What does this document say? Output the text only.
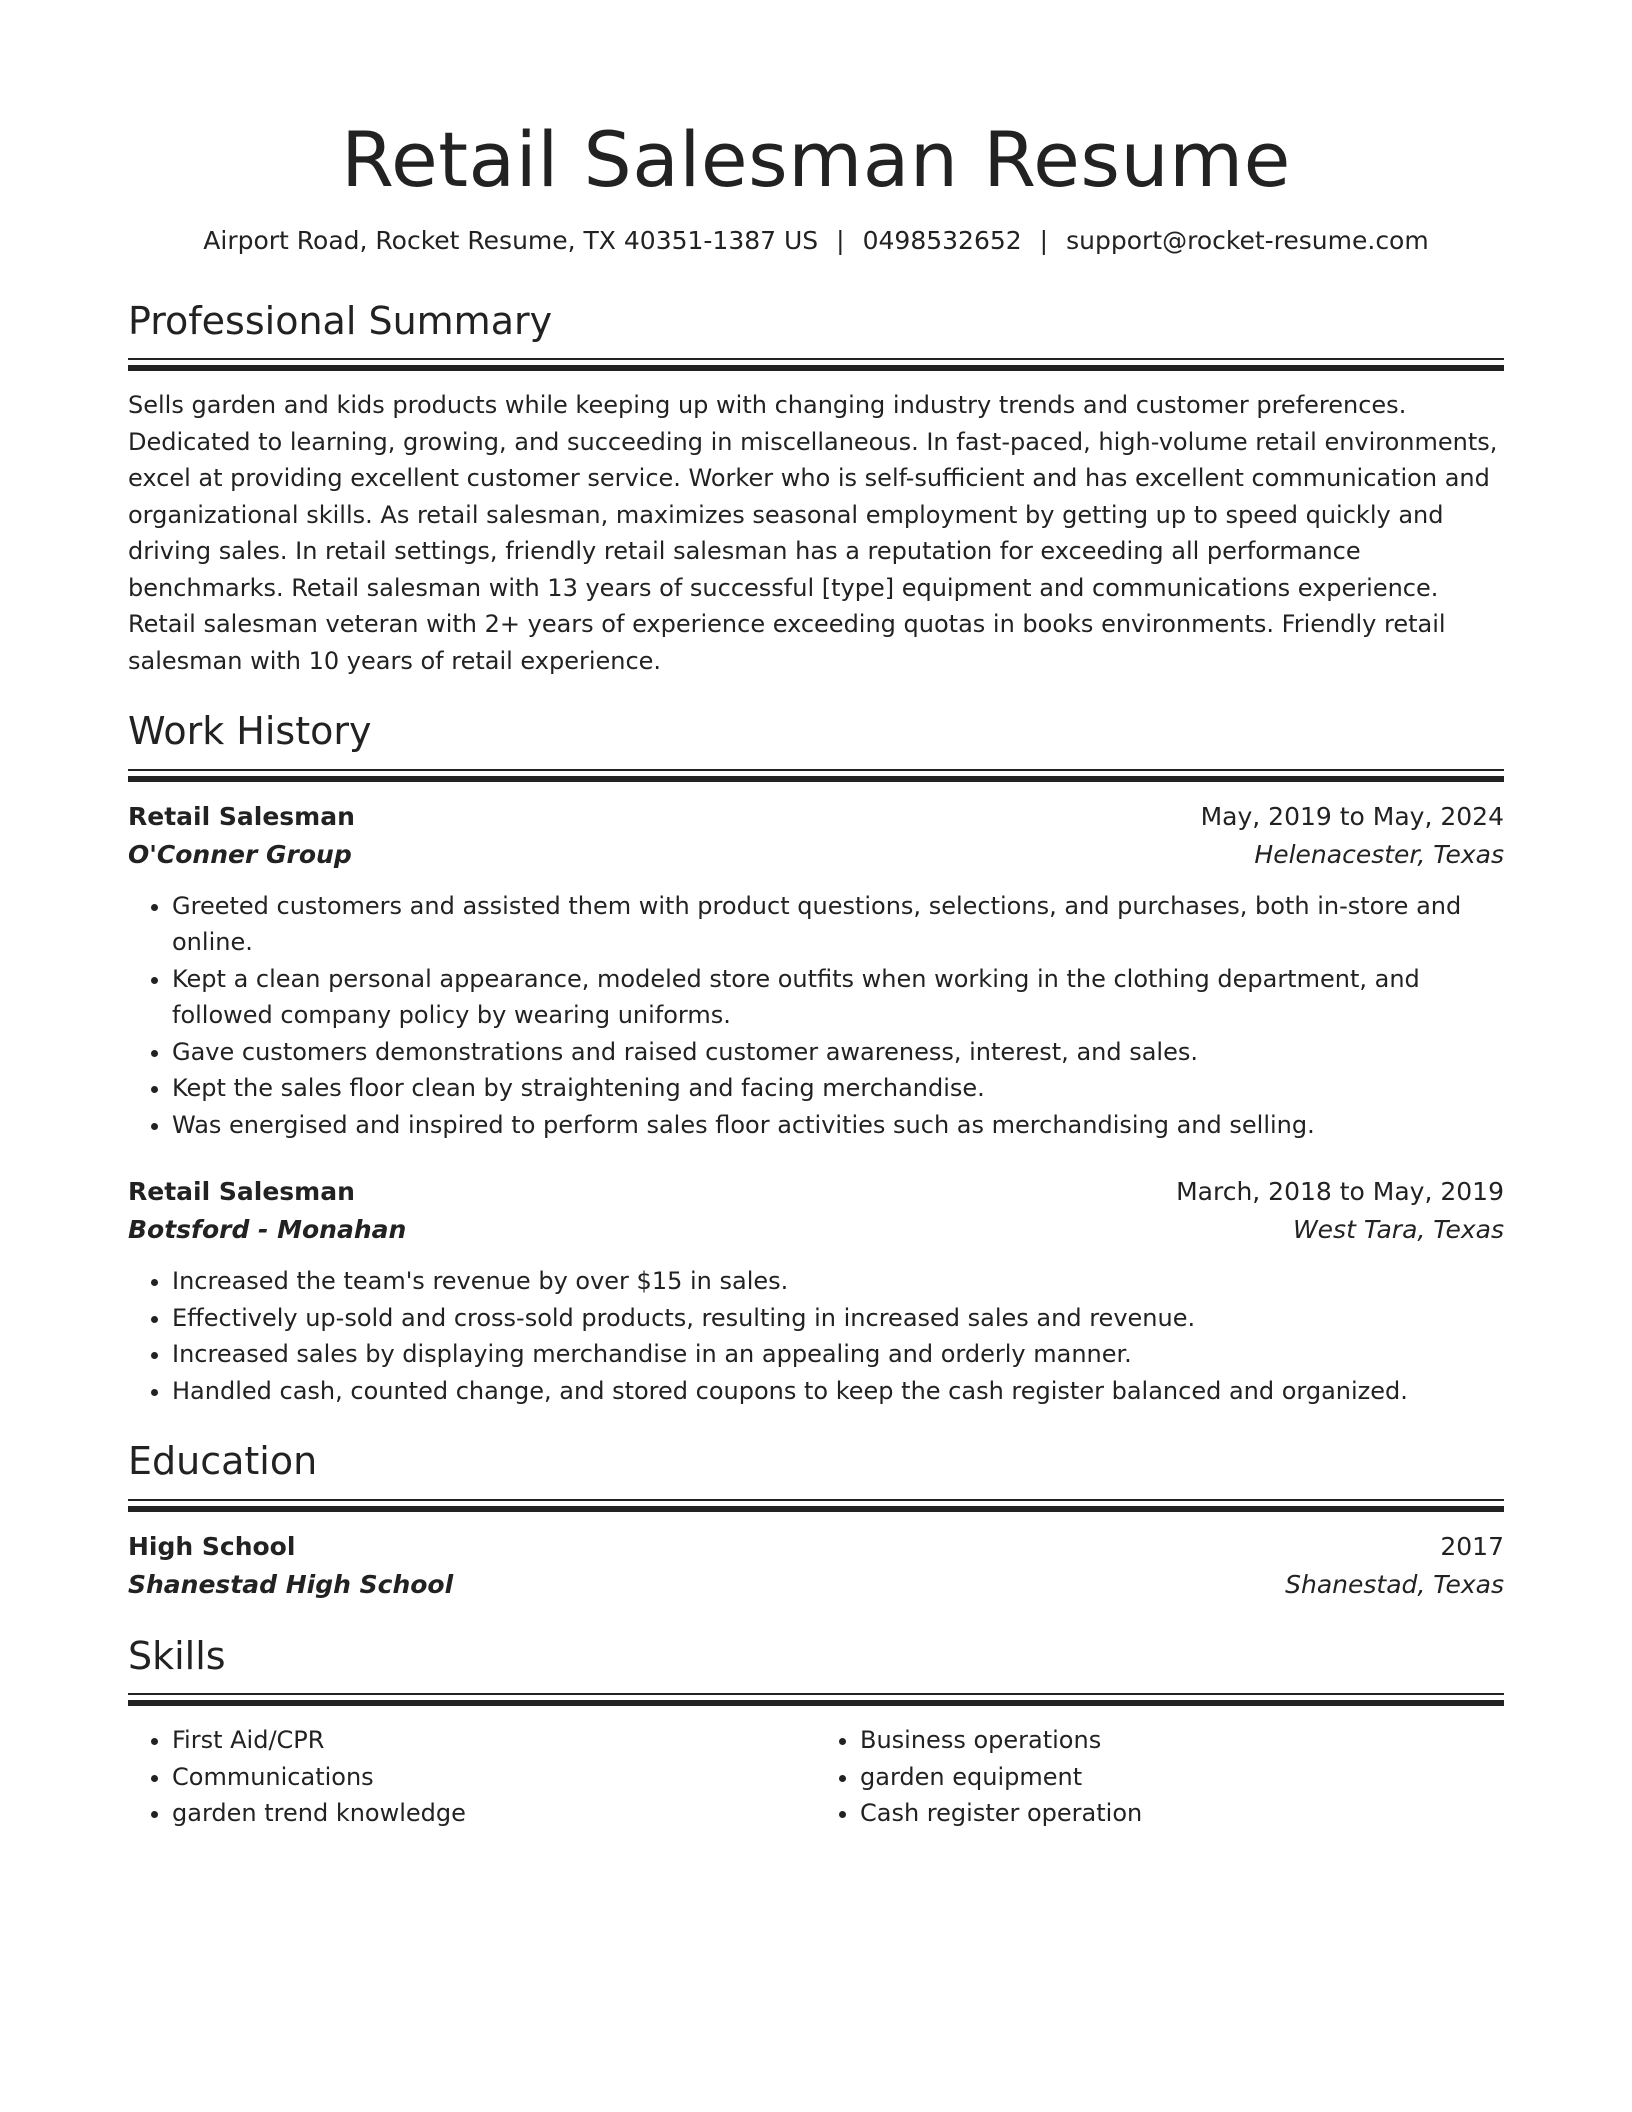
Retail Salesman Resume
Airport Road, Rocket Resume, TX 40351-1387 US | 0498532652 | support@rocket-resume.com
Professional Summary

Sells garden and kids products while keeping up with changing industry trends and customer preferences. Dedicated to learning, growing, and succeeding in miscellaneous. In fast-paced, high-volume retail environments, excel at providing excellent customer service. Worker who is self-sufficient and has excellent communication and organizational skills. As retail salesman, maximizes seasonal employment by getting up to speed quickly and driving sales. In retail settings, friendly retail salesman has a reputation for exceeding all performance benchmarks. Retail salesman with 13 years of successful [type] equipment and communications experience. Retail salesman veteran with 2+ years of experience exceeding quotas in books environments. Friendly retail salesman with 10 years of retail experience.

Work History
Retail Salesman	May, 2019 to May, 2024
O'Conner Group	Helenacester, Texas
• Greeted customers and assisted them with product questions, selections, and purchases, both in-store and online.
• Kept a clean personal appearance, modeled store outfits when working in the clothing department, and followed company policy by wearing uniforms.
• Gave customers demonstrations and raised customer awareness, interest, and sales.
• Kept the sales floor clean by straightening and facing merchandise.
• Was energised and inspired to perform sales floor activities such as merchandising and selling.
Retail Salesman	March, 2018 to May, 2019
Botsford - Monahan	West Tara, Texas
• Increased the team's revenue by over $15 in sales.
• Effectively up-sold and cross-sold products, resulting in increased sales and revenue.
• Increased sales by displaying merchandise in an appealing and orderly manner.
• Handled cash, counted change, and stored coupons to keep the cash register balanced and organized.
Education
High School	2017
Shanestad High School	Shanestad, Texas
Skills
• First Aid/CPR
• Communications
• garden trend knowledge
• Business operations
• garden equipment
• Cash register operation
